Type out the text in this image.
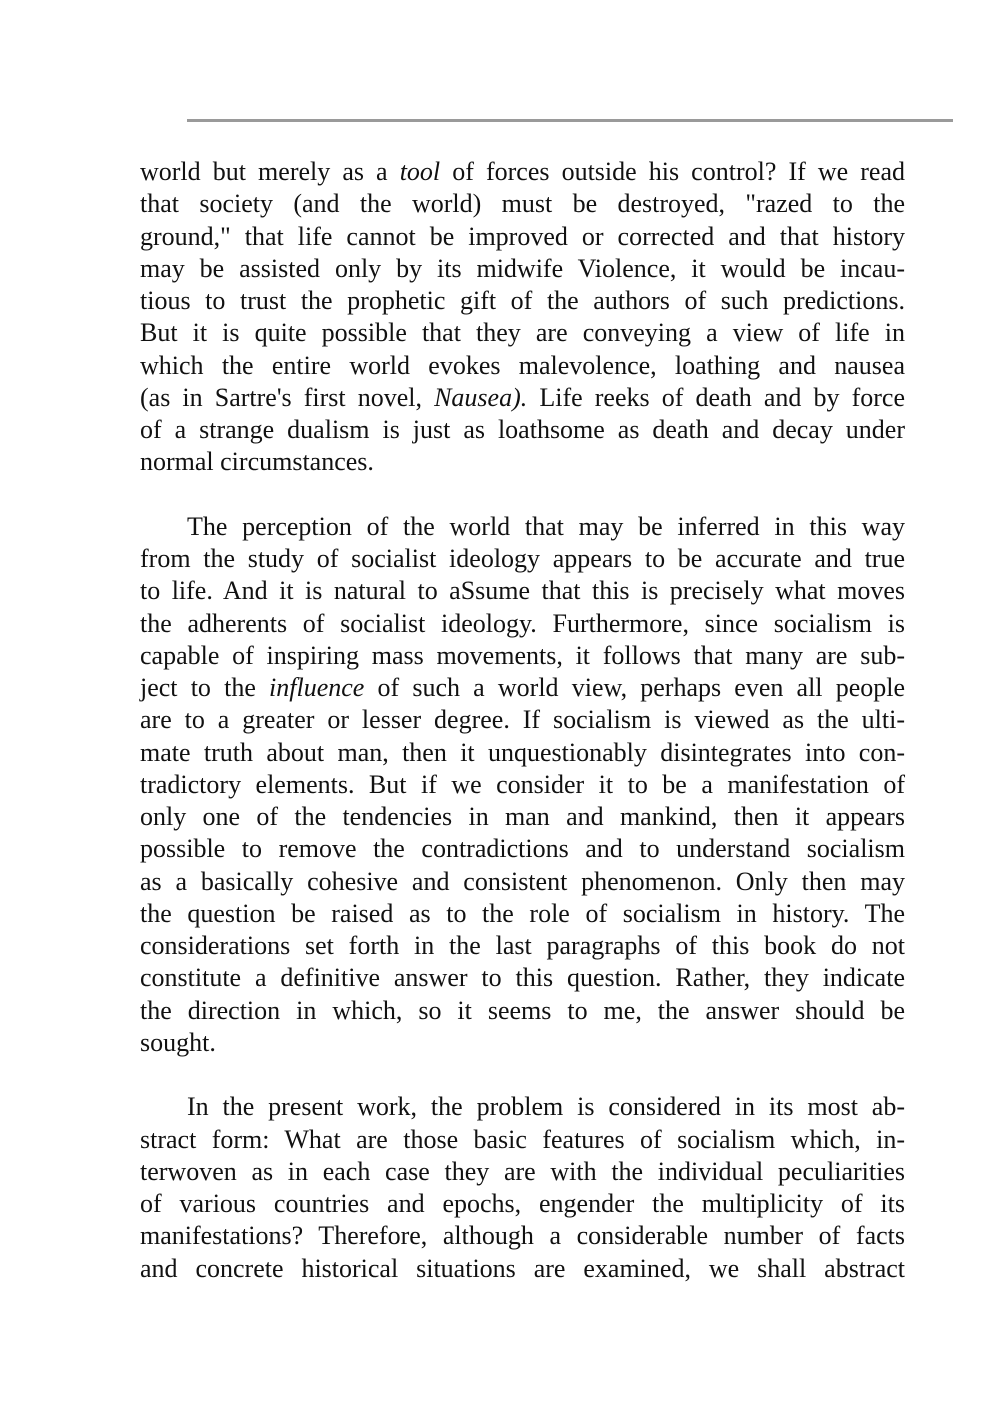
world but merely as a tool of forces outside his control? If we read
that society (and the world) must be destroyed, "razed to the
ground," that life cannot be improved or corrected and that history
may be assisted only by its midwife Violence, it would be incau-
tious to trust the prophetic gift of the authors of such predictions.
But it is quite possible that they are conveying a view of life in
which the entire world evokes malevolence, loathing and nausea
(as in Sartre's first novel, Nausea). Life reeks of death and by force
of a strange dualism is just as loathsome as death and decay under
normal circumstances.
The perception of the world that may be inferred in this way
from the study of socialist ideology appears to be accurate and true
to life. And it is natural to aSsume that this is precisely what moves
the adherents of socialist ideology. Furthermore, since socialism is
capable of inspiring mass movements, it follows that many are sub-
ject to the influence of such a world view, perhaps even all people
are to a greater or lesser degree. If socialism is viewed as the ulti-
mate truth about man, then it unquestionably disintegrates into con-
tradictory elements. But if we consider it to be a manifestation of
only one of the tendencies in man and mankind, then it appears
possible to remove the contradictions and to understand socialism
as a basically cohesive and consistent phenomenon. Only then may
the question be raised as to the role of socialism in history. The
considerations set forth in the last paragraphs of this book do not
constitute a definitive answer to this question. Rather, they indicate
the direction in which, so it seems to me, the answer should be
sought.
In the present work, the problem is considered in its most ab-
stract form: What are those basic features of socialism which, in-
terwoven as in each case they are with the individual peculiarities
of various countries and epochs, engender the multiplicity of its
manifestations? Therefore, although a considerable number of facts
and concrete historical situations are examined, we shall abstract
